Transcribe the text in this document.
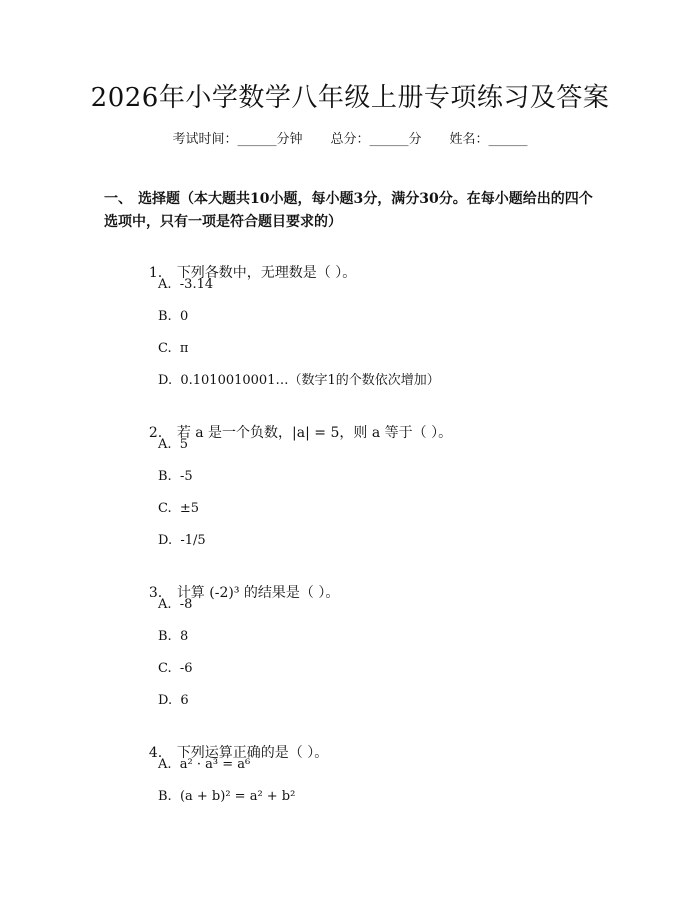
2026年小学数学八年级上册专项练习及答案
考试时间：______分钟 总分：______分 姓名：______
一、 选择题（本大题共10小题，每小题3分，满分30分。在每小题给出的四个选项中，只有一项是符合题目要求的）

1. 下列各数中，无理数是（ ）。

A.  -3.14
B.  0
C.  π
D.  0.1010010001…（数字1的个数依次增加）

2. 若 a 是一个负数，|a| = 5，则 a 等于（ ）。

A.  5
B.  -5
C.  ±5
D.  -1/5

3. 计算 (-2)³ 的结果是（ ）。

A.  -8
B.  8
C.  -6
D.  6

4. 下列运算正确的是（ ）。

A.  a² · a³ = a⁶
B.  (a + b)² = a² + b²
